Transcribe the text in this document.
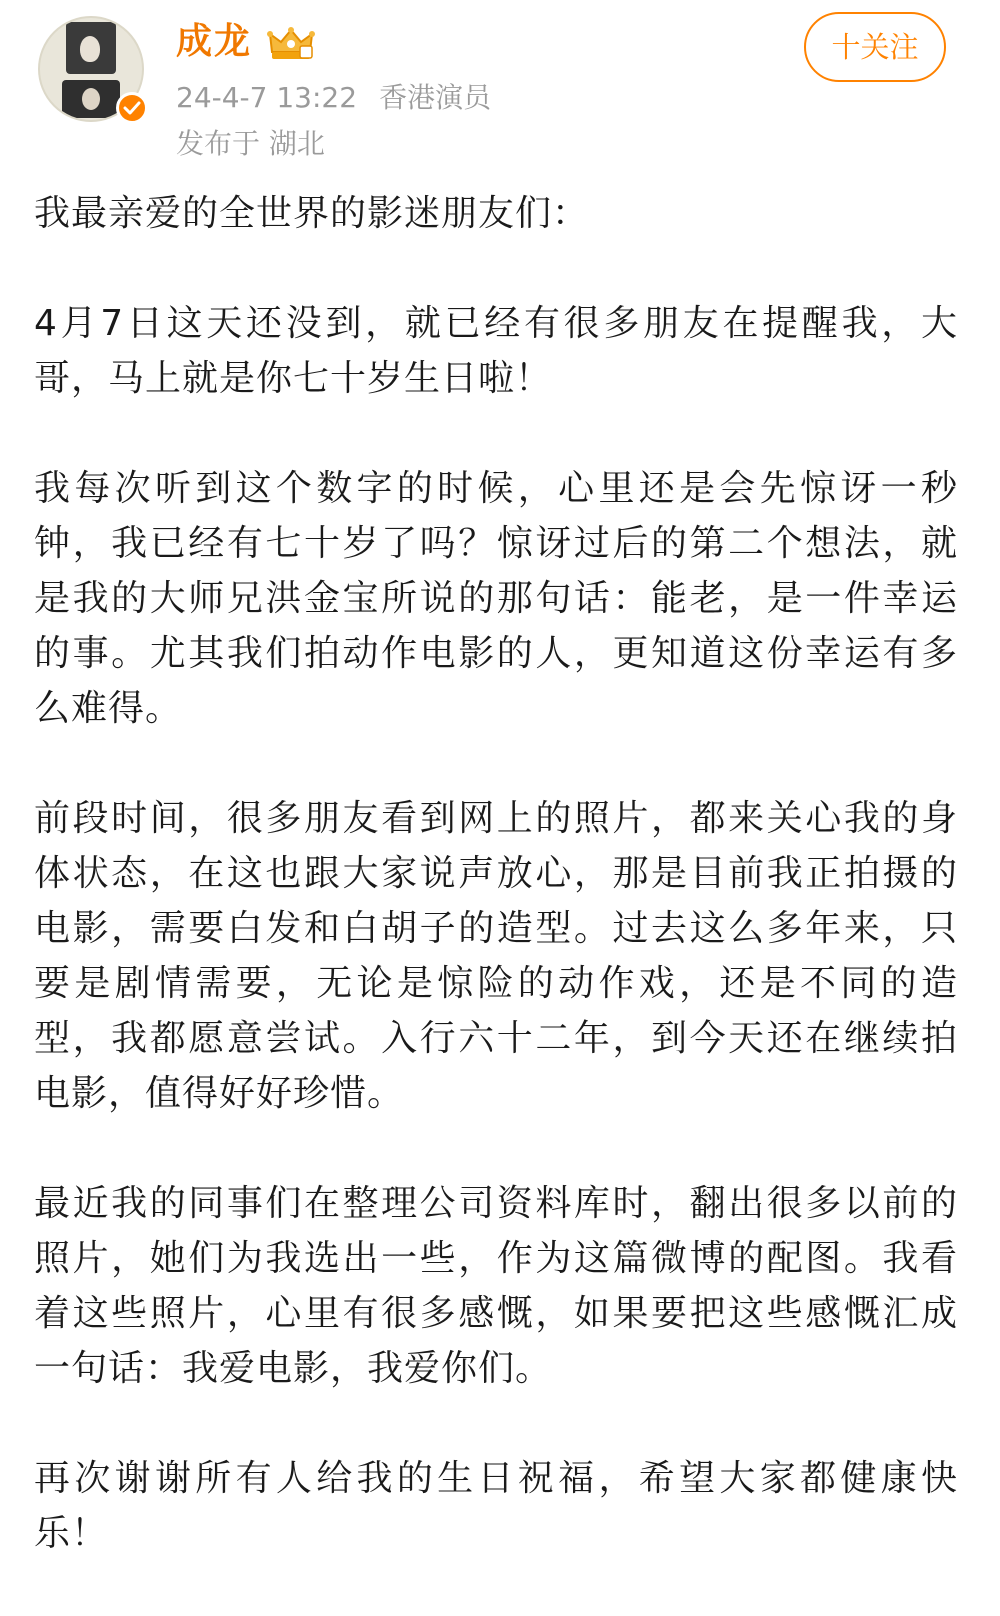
成龙
24-4-7 13:22 香港演员
发布于 湖北
十关注

我最亲爱的全世界的影迷朋友们：

4月7日这天还没到，就已经有很多朋友在提醒我，大哥，马上就是你七十岁生日啦！

我每次听到这个数字的时候，心里还是会先惊讶一秒钟，我已经有七十岁了吗？惊讶过后的第二个想法，就是我的大师兄洪金宝所说的那句话：能老，是一件幸运的事。尤其我们拍动作电影的人，更知道这份幸运有多么难得。

前段时间，很多朋友看到网上的照片，都来关心我的身体状态，在这也跟大家说声放心，那是目前我正拍摄的电影，需要白发和白胡子的造型。过去这么多年来，只要是剧情需要，无论是惊险的动作戏，还是不同的造型，我都愿意尝试。入行六十二年，到今天还在继续拍电影，值得好好珍惜。

最近我的同事们在整理公司资料库时，翻出很多以前的照片，她们为我选出一些，作为这篇微博的配图。我看着这些照片，心里有很多感慨，如果要把这些感慨汇成一句话：我爱电影，我爱你们。

再次谢谢所有人给我的生日祝福，希望大家都健康快乐！
